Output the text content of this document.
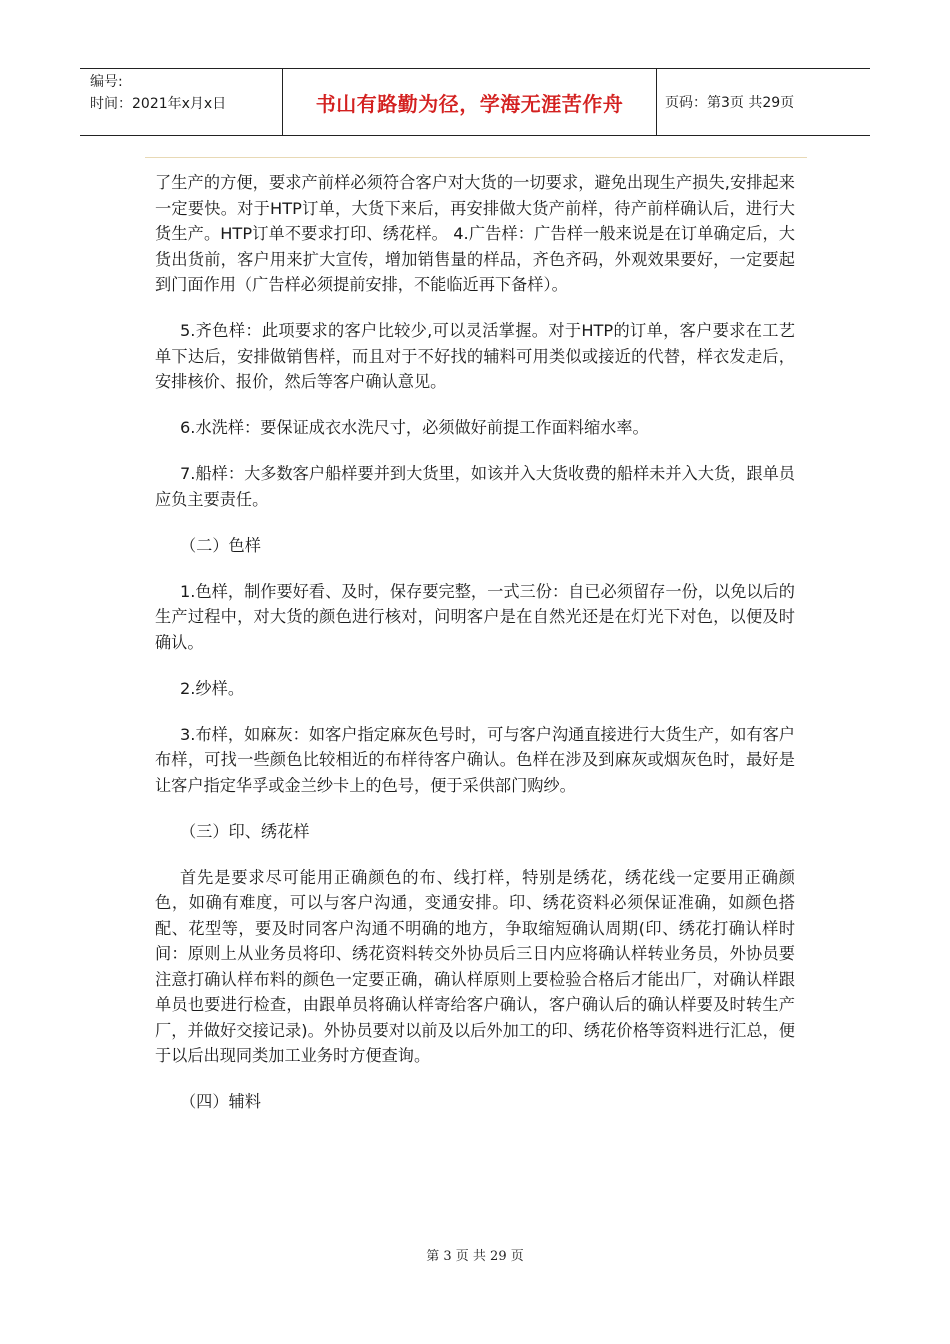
编号:
时间：2021年x月x日	书山有路勤为径，学海无涯苦作舟	页码：第3页 共29页

了生产的方便，要求产前样必须符合客户对大货的一切要求，避免出现生产损失,安排起来一定要快。对于HTP订单，大货下来后，再安排做大货产前样，待产前样确认后，进行大货生产。HTP订单不要求打印、绣花样。 4.广告样：广告样一般来说是在订单确定后，大货出货前，客户用来扩大宣传，增加销售量的样品，齐色齐码，外观效果要好，一定要起到门面作用（广告样必须提前安排，不能临近再下备样）。

5.齐色样：此项要求的客户比较少,可以灵活掌握。对于HTP的订单，客户要求在工艺单下达后，安排做销售样，而且对于不好找的辅料可用类似或接近的代替，样衣发走后，安排核价、报价，然后等客户确认意见。

6.水洗样：要保证成衣水洗尺寸，必须做好前提工作面料缩水率。

7.船样：大多数客户船样要并到大货里，如该并入大货收费的船样未并入大货，跟单员应负主要责任。

（二）色样

1.色样，制作要好看、及时，保存要完整，一式三份：自已必须留存一份，以免以后的生产过程中，对大货的颜色进行核对，问明客户是在自然光还是在灯光下对色，以便及时确认。

2.纱样。

3.布样，如麻灰：如客户指定麻灰色号时，可与客户沟通直接进行大货生产，如有客户布样，可找一些颜色比较相近的布样待客户确认。色样在涉及到麻灰或烟灰色时，最好是让客户指定华孚或金兰纱卡上的色号，便于采供部门购纱。

（三）印、绣花样

首先是要求尽可能用正确颜色的布、线打样，特别是绣花，绣花线一定要用正确颜色，如确有难度，可以与客户沟通，变通安排。印、绣花资料必须保证准确，如颜色搭配、花型等，要及时同客户沟通不明确的地方，争取缩短确认周期(印、绣花打确认样时间：原则上从业务员将印、绣花资料转交外协员后三日内应将确认样转业务员，外协员要注意打确认样布料的颜色一定要正确，确认样原则上要检验合格后才能出厂，对确认样跟单员也要进行检查，由跟单员将确认样寄给客户确认，客户确认后的确认样要及时转生产厂，并做好交接记录)。外协员要对以前及以后外加工的印、绣花价格等资料进行汇总，便于以后出现同类加工业务时方便查询。

（四）辅料

第 3 页 共 29 页
